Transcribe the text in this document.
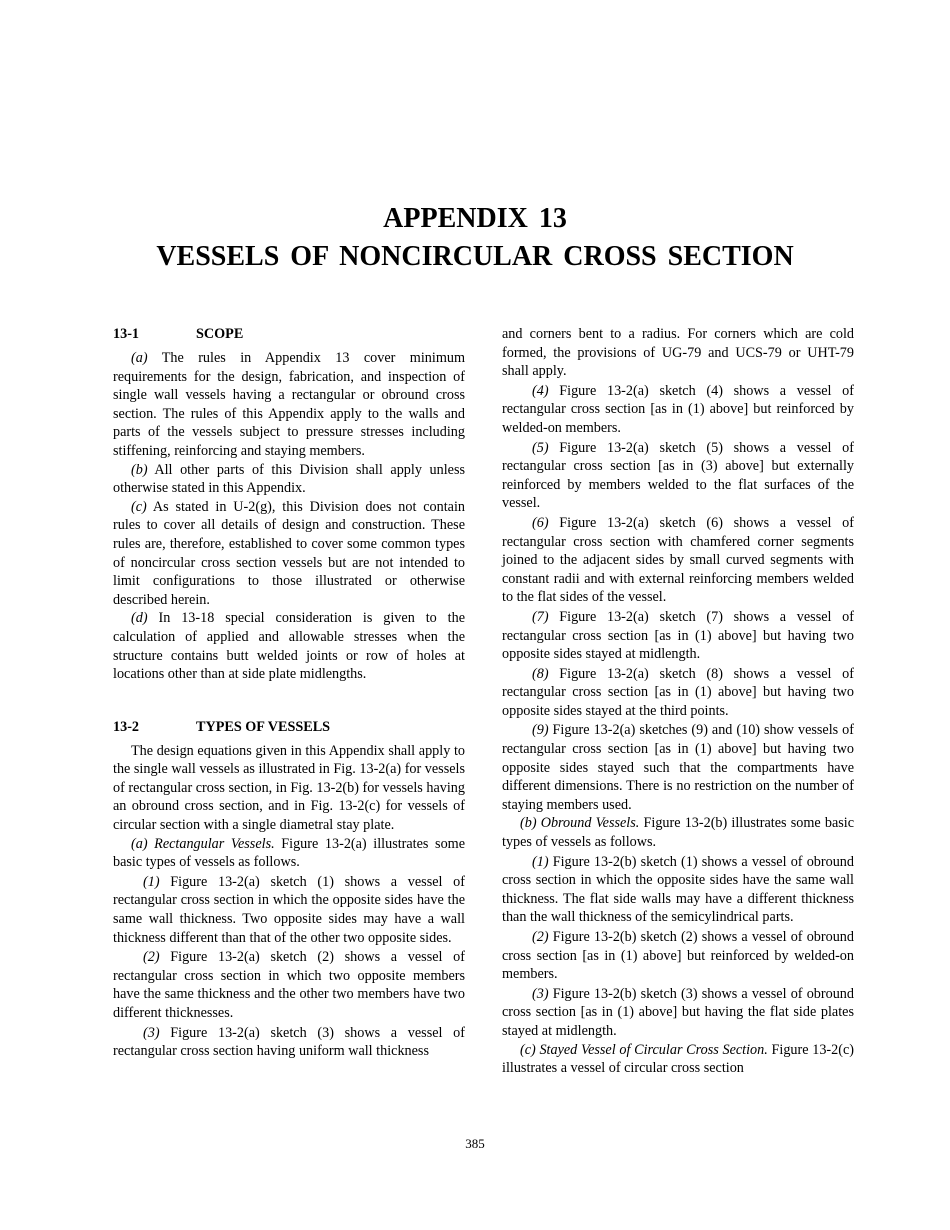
APPENDIX 13
VESSELS OF NONCIRCULAR CROSS SECTION
13-1	SCOPE

(a) The rules in Appendix 13 cover minimum requirements for the design, fabrication, and inspection of single wall vessels having a rectangular or obround cross section. The rules of this Appendix apply to the walls and parts of the vessels subject to pressure stresses including stiffening, reinforcing and staying members.

(b) All other parts of this Division shall apply unless otherwise stated in this Appendix.

(c) As stated in U-2(g), this Division does not contain rules to cover all details of design and construction. These rules are, therefore, established to cover some common types of noncircular cross section vessels but are not intended to limit configurations to those illustrated or otherwise described herein.

(d) In 13-18 special consideration is given to the calculation of applied and allowable stresses when the structure contains butt welded joints or row of holes at locations other than at side plate midlengths.

13-2	TYPES OF VESSELS

The design equations given in this Appendix shall apply to the single wall vessels as illustrated in Fig. 13-2(a) for vessels of rectangular cross section, in Fig. 13-2(b) for vessels having an obround cross section, and in Fig. 13-2(c) for vessels of circular section with a single diametral stay plate.

(a) Rectangular Vessels. Figure 13-2(a) illustrates some basic types of vessels as follows.

(1) Figure 13-2(a) sketch (1) shows a vessel of rectangular cross section in which the opposite sides have the same wall thickness. Two opposite sides may have a wall thickness different than that of the other two opposite sides.

(2) Figure 13-2(a) sketch (2) shows a vessel of rectangular cross section in which two opposite members have the same thickness and the other two members have two different thicknesses.

(3) Figure 13-2(a) sketch (3) shows a vessel of rectangular cross section having uniform wall thickness

and corners bent to a radius. For corners which are cold formed, the provisions of UG-79 and UCS-79 or UHT-79 shall apply.

(4) Figure 13-2(a) sketch (4) shows a vessel of rectangular cross section [as in (1) above] but reinforced by welded-on members.

(5) Figure 13-2(a) sketch (5) shows a vessel of rectangular cross section [as in (3) above] but externally reinforced by members welded to the flat surfaces of the vessel.

(6) Figure 13-2(a) sketch (6) shows a vessel of rectangular cross section with chamfered corner segments joined to the adjacent sides by small curved segments with constant radii and with external reinforcing members welded to the flat sides of the vessel.

(7) Figure 13-2(a) sketch (7) shows a vessel of rectangular cross section [as in (1) above] but having two opposite sides stayed at midlength.

(8) Figure 13-2(a) sketch (8) shows a vessel of rectangular cross section [as in (1) above] but having two opposite sides stayed at the third points.

(9) Figure 13-2(a) sketches (9) and (10) show vessels of rectangular cross section [as in (1) above] but having two opposite sides stayed such that the compartments have different dimensions. There is no restriction on the number of staying members used.

(b) Obround Vessels. Figure 13-2(b) illustrates some basic types of vessels as follows.

(1) Figure 13-2(b) sketch (1) shows a vessel of obround cross section in which the opposite sides have the same wall thickness. The flat side walls may have a different thickness than the wall thickness of the semicylindrical parts.

(2) Figure 13-2(b) sketch (2) shows a vessel of obround cross section [as in (1) above] but reinforced by welded-on members.

(3) Figure 13-2(b) sketch (3) shows a vessel of obround cross section [as in (1) above] but having the flat side plates stayed at midlength.

(c) Stayed Vessel of Circular Cross Section. Figure 13-2(c) illustrates a vessel of circular cross section

385
